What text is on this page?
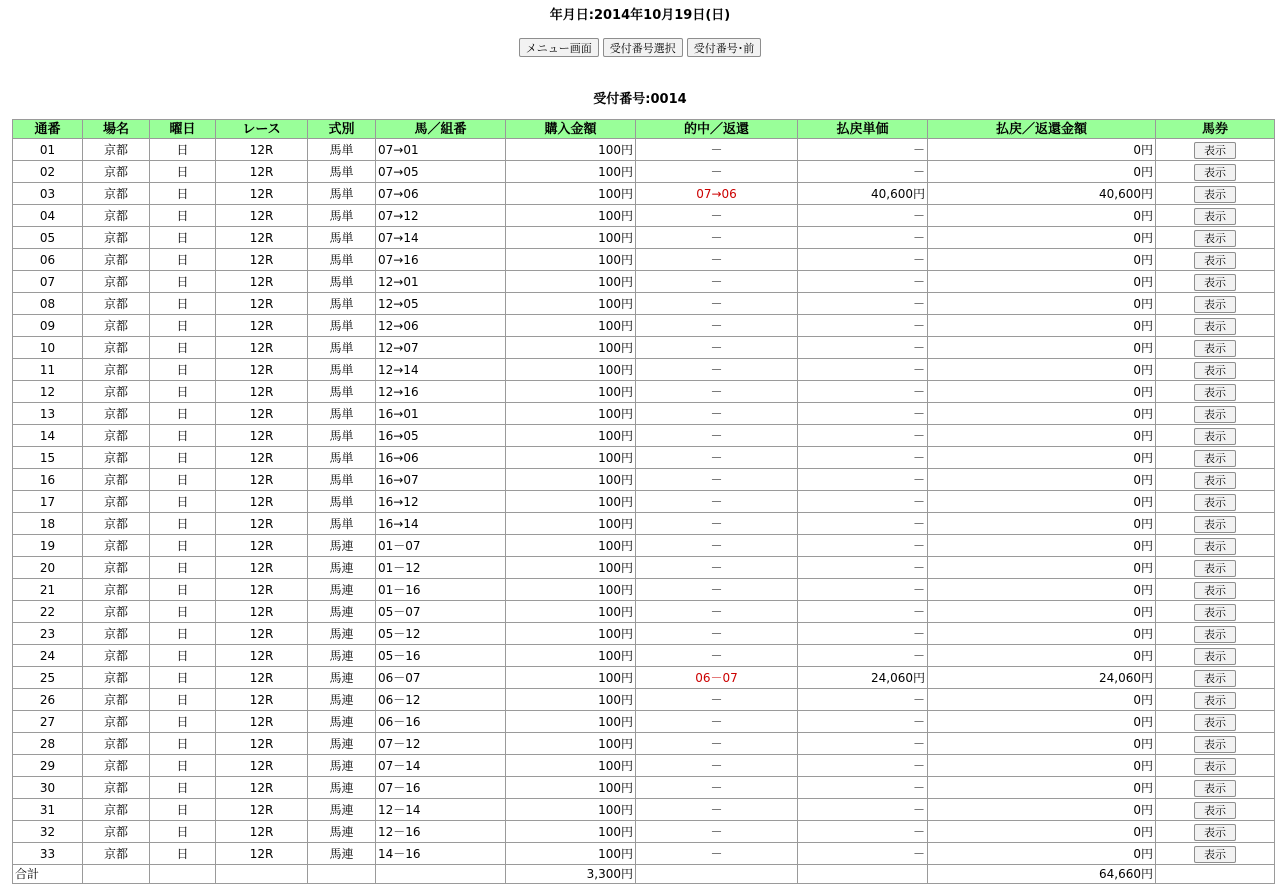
年月日:2014年10月19日(日)
メニュー画面 受付番号選択 受付番号･前
受付番号:0014
通番	場名	曜日	レース	式別	馬／組番	購入金額	的中／返還	払戻単価	払戻／返還金額	馬券
01	京都	日	12R	馬単	07→01	100円	－	－	0円	表示
02	京都	日	12R	馬単	07→05	100円	－	－	0円	表示
03	京都	日	12R	馬単	07→06	100円	07→06	40,600円	40,600円	表示
04	京都	日	12R	馬単	07→12	100円	－	－	0円	表示
05	京都	日	12R	馬単	07→14	100円	－	－	0円	表示
06	京都	日	12R	馬単	07→16	100円	－	－	0円	表示
07	京都	日	12R	馬単	12→01	100円	－	－	0円	表示
08	京都	日	12R	馬単	12→05	100円	－	－	0円	表示
09	京都	日	12R	馬単	12→06	100円	－	－	0円	表示
10	京都	日	12R	馬単	12→07	100円	－	－	0円	表示
11	京都	日	12R	馬単	12→14	100円	－	－	0円	表示
12	京都	日	12R	馬単	12→16	100円	－	－	0円	表示
13	京都	日	12R	馬単	16→01	100円	－	－	0円	表示
14	京都	日	12R	馬単	16→05	100円	－	－	0円	表示
15	京都	日	12R	馬単	16→06	100円	－	－	0円	表示
16	京都	日	12R	馬単	16→07	100円	－	－	0円	表示
17	京都	日	12R	馬単	16→12	100円	－	－	0円	表示
18	京都	日	12R	馬単	16→14	100円	－	－	0円	表示
19	京都	日	12R	馬連	01－07	100円	－	－	0円	表示
20	京都	日	12R	馬連	01－12	100円	－	－	0円	表示
21	京都	日	12R	馬連	01－16	100円	－	－	0円	表示
22	京都	日	12R	馬連	05－07	100円	－	－	0円	表示
23	京都	日	12R	馬連	05－12	100円	－	－	0円	表示
24	京都	日	12R	馬連	05－16	100円	－	－	0円	表示
25	京都	日	12R	馬連	06－07	100円	06－07	24,060円	24,060円	表示
26	京都	日	12R	馬連	06－12	100円	－	－	0円	表示
27	京都	日	12R	馬連	06－16	100円	－	－	0円	表示
28	京都	日	12R	馬連	07－12	100円	－	－	0円	表示
29	京都	日	12R	馬連	07－14	100円	－	－	0円	表示
30	京都	日	12R	馬連	07－16	100円	－	－	0円	表示
31	京都	日	12R	馬連	12－14	100円	－	－	0円	表示
32	京都	日	12R	馬連	12－16	100円	－	－	0円	表示
33	京都	日	12R	馬連	14－16	100円	－	－	0円	表示
合計						3,300円			64,660円	
